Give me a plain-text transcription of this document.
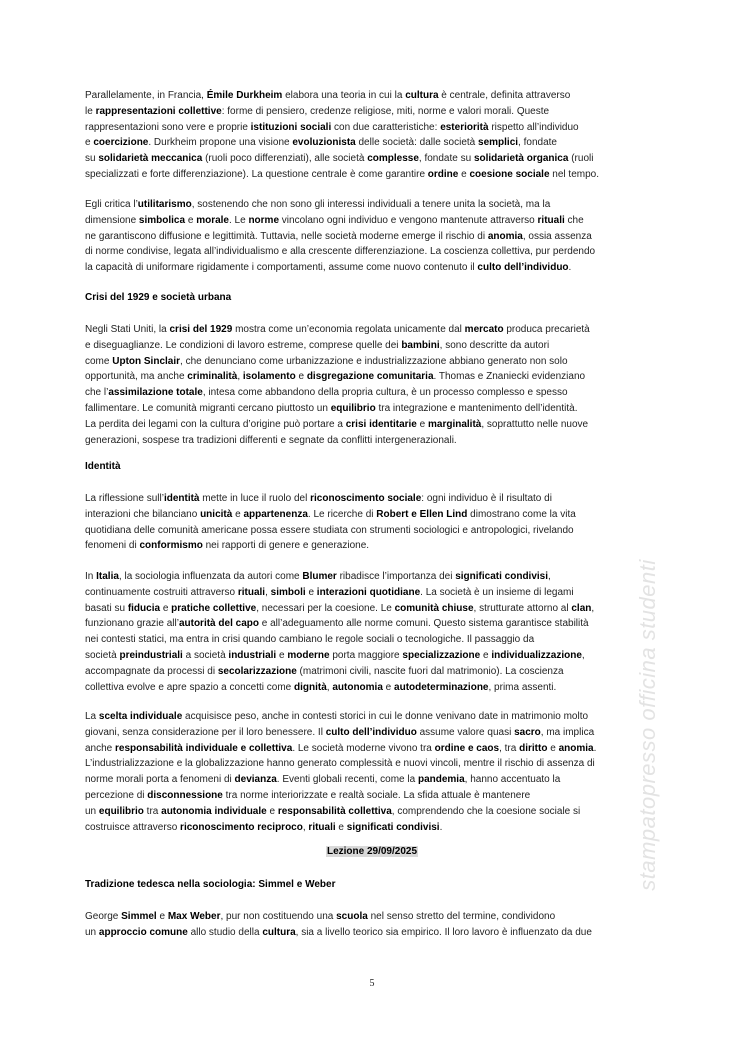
Parallelamente, in Francia, Émile Durkheim elabora una teoria in cui la cultura è centrale, definita attraverso
le rappresentazioni collettive: forme di pensiero, credenze religiose, miti, norme e valori morali. Queste
rappresentazioni sono vere e proprie istituzioni sociali con due caratteristiche: esteriorità rispetto all’individuo
e coercizione. Durkheim propone una visione evoluzionista delle società: dalle società semplici, fondate
su solidarietà meccanica (ruoli poco differenziati), alle società complesse, fondate su solidarietà organica (ruoli
specializzati e forte differenziazione). La questione centrale è come garantire ordine e coesione sociale nel tempo.
Egli critica l’utilitarismo, sostenendo che non sono gli interessi individuali a tenere unita la società, ma la
dimensione simbolica e morale. Le norme vincolano ogni individuo e vengono mantenute attraverso rituali che
ne garantiscono diffusione e legittimità. Tuttavia, nelle società moderne emerge il rischio di anomia, ossia assenza
di norme condivise, legata all’individualismo e alla crescente differenziazione. La coscienza collettiva, pur perdendo
la capacità di uniformare rigidamente i comportamenti, assume come nuovo contenuto il culto dell’individuo.
Crisi del 1929 e società urbana
Negli Stati Uniti, la crisi del 1929 mostra come un’economia regolata unicamente dal mercato produca precarietà
e diseguaglianze. Le condizioni di lavoro estreme, comprese quelle dei bambini, sono descritte da autori
come Upton Sinclair, che denunciano come urbanizzazione e industrializzazione abbiano generato non solo
opportunità, ma anche criminalità, isolamento e disgregazione comunitaria. Thomas e Znaniecki evidenziano
che l’assimilazione totale, intesa come abbandono della propria cultura, è un processo complesso e spesso
fallimentare. Le comunità migranti cercano piuttosto un equilibrio tra integrazione e mantenimento dell’identità.
La perdita dei legami con la cultura d’origine può portare a crisi identitarie e marginalità, soprattutto nelle nuove
generazioni, sospese tra tradizioni differenti e segnate da conflitti intergenerazionali.
Identità
La riflessione sull’identità mette in luce il ruolo del riconoscimento sociale: ogni individuo è il risultato di
interazioni che bilanciano unicità e appartenenza. Le ricerche di Robert e Ellen Lind dimostrano come la vita
quotidiana delle comunità americane possa essere studiata con strumenti sociologici e antropologici, rivelando
fenomeni di conformismo nei rapporti di genere e generazione.
In Italia, la sociologia influenzata da autori come Blumer ribadisce l’importanza dei significati condivisi,
continuamente costruiti attraverso rituali, simboli e interazioni quotidiane. La società è un insieme di legami
basati su fiducia e pratiche collettive, necessari per la coesione. Le comunità chiuse, strutturate attorno al clan,
funzionano grazie all’autorità del capo e all’adeguamento alle norme comuni. Questo sistema garantisce stabilità
nei contesti statici, ma entra in crisi quando cambiano le regole sociali o tecnologiche. Il passaggio da
società preindustriali a società industriali e moderne porta maggiore specializzazione e individualizzazione,
accompagnate da processi di secolarizzazione (matrimoni civili, nascite fuori dal matrimonio). La coscienza
collettiva evolve e apre spazio a concetti come dignità, autonomia e autodeterminazione, prima assenti.
La scelta individuale acquisisce peso, anche in contesti storici in cui le donne venivano date in matrimonio molto
giovani, senza considerazione per il loro benessere. Il culto dell’individuo assume valore quasi sacro, ma implica
anche responsabilità individuale e collettiva. Le società moderne vivono tra ordine e caos, tra diritto e anomia.
L’industrializzazione e la globalizzazione hanno generato complessità e nuovi vincoli, mentre il rischio di assenza di
norme morali porta a fenomeni di devianza. Eventi globali recenti, come la pandemia, hanno accentuato la
percezione di disconnessione tra norme interiorizzate e realtà sociale. La sfida attuale è mantenere
un equilibrio tra autonomia individuale e responsabilità collettiva, comprendendo che la coesione sociale si
costruisce attraverso riconoscimento reciproco, rituali e significati condivisi.
Tradizione tedesca nella sociologia: Simmel e Weber
George Simmel e Max Weber, pur non costituendo una scuola nel senso stretto del termine, condividono
un approccio comune allo studio della cultura, sia a livello teorico sia empirico. Il loro lavoro è influenzato da due
Lezione 29/09/2025
5
stampatopresso officina studenti
